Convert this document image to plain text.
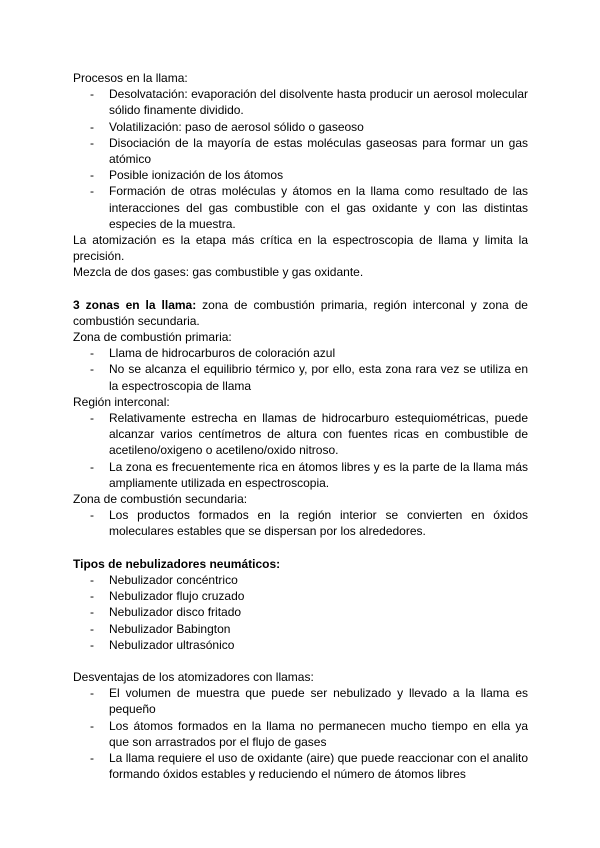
Procesos en la llama:

- Desolvatación: evaporación del disolvente hasta producir un aerosol molecular sólido finamente dividido.
- Volatilización: paso de aerosol sólido o gaseoso
- Disociación de la mayoría de estas moléculas gaseosas para formar un gas atómico
- Posible ionización de los átomos
- Formación de otras moléculas y átomos en la llama como resultado de las interacciones del gas combustible con el gas oxidante y con las distintas especies de la muestra.

La atomización es la etapa más crítica en la espectroscopia de llama y limita la precisión.

Mezcla de dos gases: gas combustible y gas oxidante.

3 zonas en la llama: zona de combustión primaria, región interconal y zona de combustión secundaria.

Zona de combustión primaria:

- Llama de hidrocarburos de coloración azul
- No se alcanza el equilibrio térmico y, por ello, esta zona rara vez se utiliza en la espectroscopia de llama

Región interconal:

- Relativamente estrecha en llamas de hidrocarburo estequiométricas, puede alcanzar varios centímetros de altura con fuentes ricas en combustible de acetileno/oxigeno o acetileno/oxido nitroso.
- La zona es frecuentemente rica en átomos libres y es la parte de la llama más ampliamente utilizada en espectroscopia.

Zona de combustión secundaria:

- Los productos formados en la región interior se convierten en óxidos moleculares estables que se dispersan por los alrededores.

Tipos de nebulizadores neumáticos:

- Nebulizador concéntrico
- Nebulizador flujo cruzado
- Nebulizador disco fritado
- Nebulizador Babington
- Nebulizador ultrasónico

Desventajas de los atomizadores con llamas:

- El volumen de muestra que puede ser nebulizado y llevado a la llama es pequeño
- Los átomos formados en la llama no permanecen mucho tiempo en ella ya que son arrastrados por el flujo de gases
- La llama requiere el uso de oxidante (aire) que puede reaccionar con el analito formando óxidos estables y reduciendo el número de átomos libres
